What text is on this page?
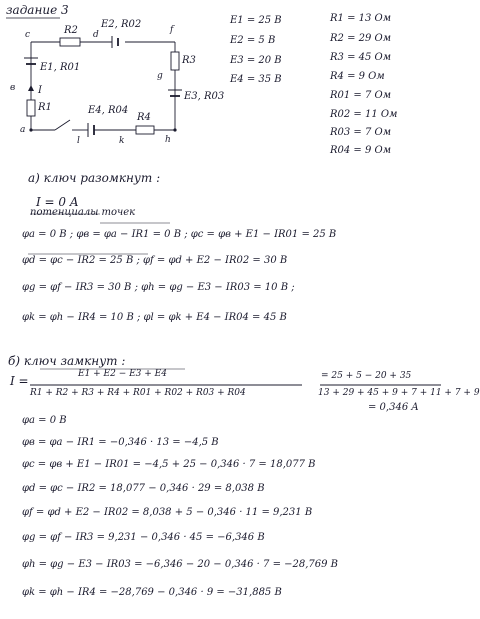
задание 3
c	R2 d
E2, R02	f
R3
g
E3, R03
E1, R01
в I
R1
a
E4, R04
R4
l	k	h
E1 = 25 В
E2 = 5 В
E3 = 20 В
E4 = 35 В
R1 = 13 Ом
R2 = 29 Ом
R3 = 45 Ом
R4 = 9 Ом
R01 = 7 Ом
R02 = 11 Ом
R03 = 7 Ом
R04 = 9 Ом
а) ключ разомкнут :
I = 0 A
потенциалы точек
φa = 0 B ; φв = φa − IR1 = 0 B ; φc = φв + E1 − IR01 = 25 В
φd = φc − IR2 = 25 В ; φf = φd + E2 − IR02 = 30 В
φg = φf − IR3 = 30 В ; φh = φg − E3 − IR03 = 10 В ;
φk = φh − IR4 = 10 В ; φl = φk + E4 − IR04 = 45 В
б) ключ замкнут :
I =	E1 + E2 − E3 + E4
R1 + R2 + R3 + R4 + R01 + R02 + R03 + R04
= 25 + 5 − 20 + 35
13 + 29 + 45 + 9 + 7 + 11 + 7 + 9
= 0,346 A
φa = 0 B
φв = φa − IR1 = −0,346 · 13 = −4,5 B
φc = φв + E1 − IR01 = −4,5 + 25 − 0,346 · 7 = 18,077 B
φd = φc − IR2 = 18,077 − 0,346 · 29 = 8,038 B
φf = φd + E2 − IR02 = 8,038 + 5 − 0,346 · 11 = 9,231 B
φg = φf − IR3 = 9,231 − 0,346 · 45 = −6,346 B
φh = φg − E3 − IR03 = −6,346 − 20 − 0,346 · 7 = −28,769 B
φk = φh − IR4 = −28,769 − 0,346 · 9 = −31,885 B
